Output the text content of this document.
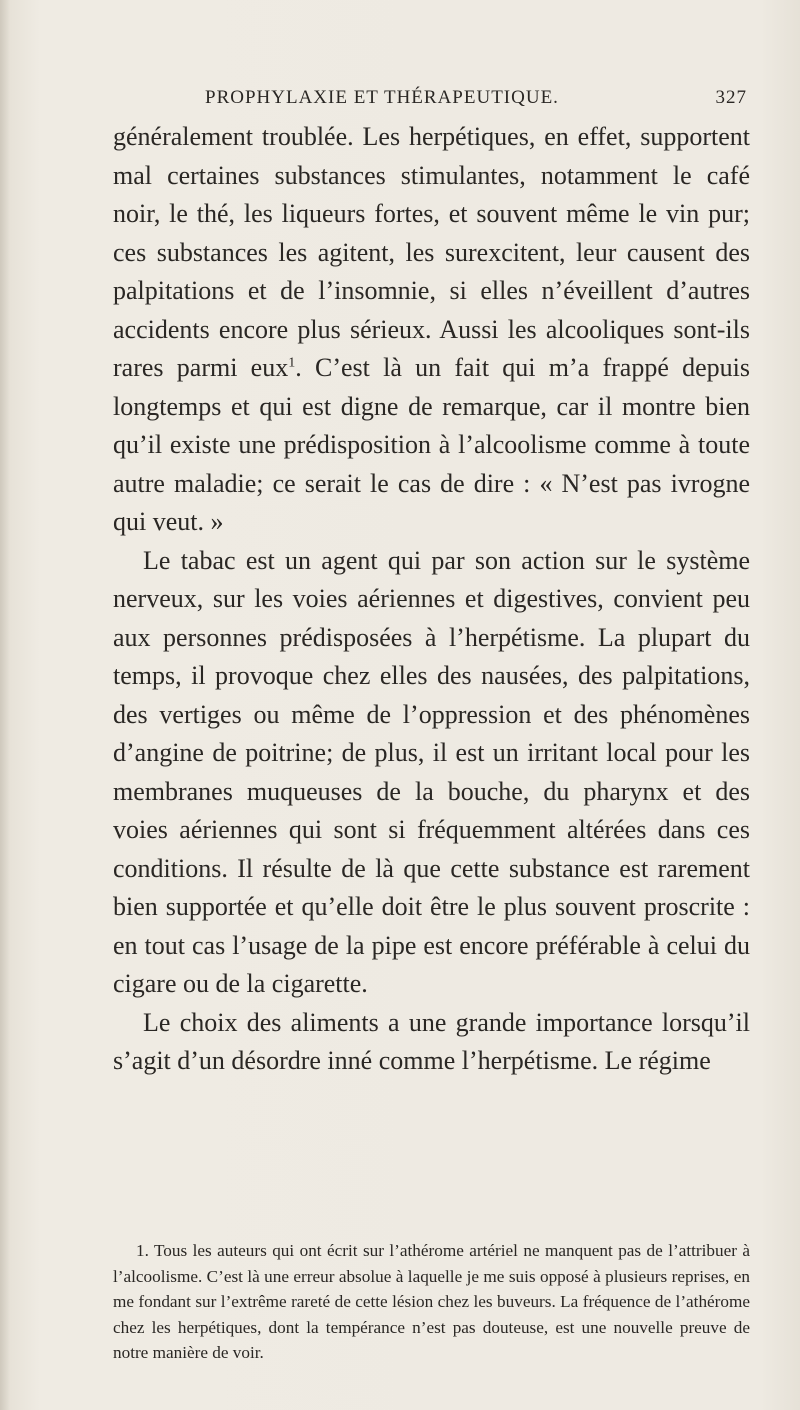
PROPHYLAXIE ET THÉRAPEUTIQUE.	327

généralement troublée. Les herpétiques, en effet, supportent mal certaines substances stimulantes, notamment le café noir, le thé, les liqueurs fortes, et souvent même le vin pur; ces substances les agitent, les surexcitent, leur causent des palpitations et de l’insomnie, si elles n’éveillent d’autres accidents encore plus sérieux. Aussi les alcooliques sont-ils rares parmi eux$^1$. C’est là un fait qui m’a frappé depuis longtemps et qui est digne de remarque, car il montre bien qu’il existe une prédisposition à l’alcoolisme comme à toute autre maladie; ce serait le cas de dire : « N’est pas ivrogne qui veut. »

Le tabac est un agent qui par son action sur le système nerveux, sur les voies aériennes et digestives, convient peu aux personnes prédisposées à l’herpétisme. La plupart du temps, il provoque chez elles des nausées, des palpitations, des vertiges ou même de l’oppression et des phénomènes d’angine de poitrine; de plus, il est un irritant local pour les membranes muqueuses de la bouche, du pharynx et des voies aériennes qui sont si fréquemment altérées dans ces conditions. Il résulte de là que cette substance est rarement bien supportée et qu’elle doit être le plus souvent proscrite : en tout cas l’usage de la pipe est encore préférable à celui du cigare ou de la cigarette.

Le choix des aliments a une grande importance lorsqu’il s’agit d’un désordre inné comme l’herpétisme. Le régime

1. Tous les auteurs qui ont écrit sur l’athérome artériel ne manquent pas de l’attribuer à l’alcoolisme. C’est là une erreur absolue à laquelle je me suis opposé à plusieurs reprises, en me fondant sur l’extrême rareté de cette lésion chez les buveurs. La fréquence de l’athérome chez les herpétiques, dont la tempérance n’est pas douteuse, est une nouvelle preuve de notre manière de voir.
